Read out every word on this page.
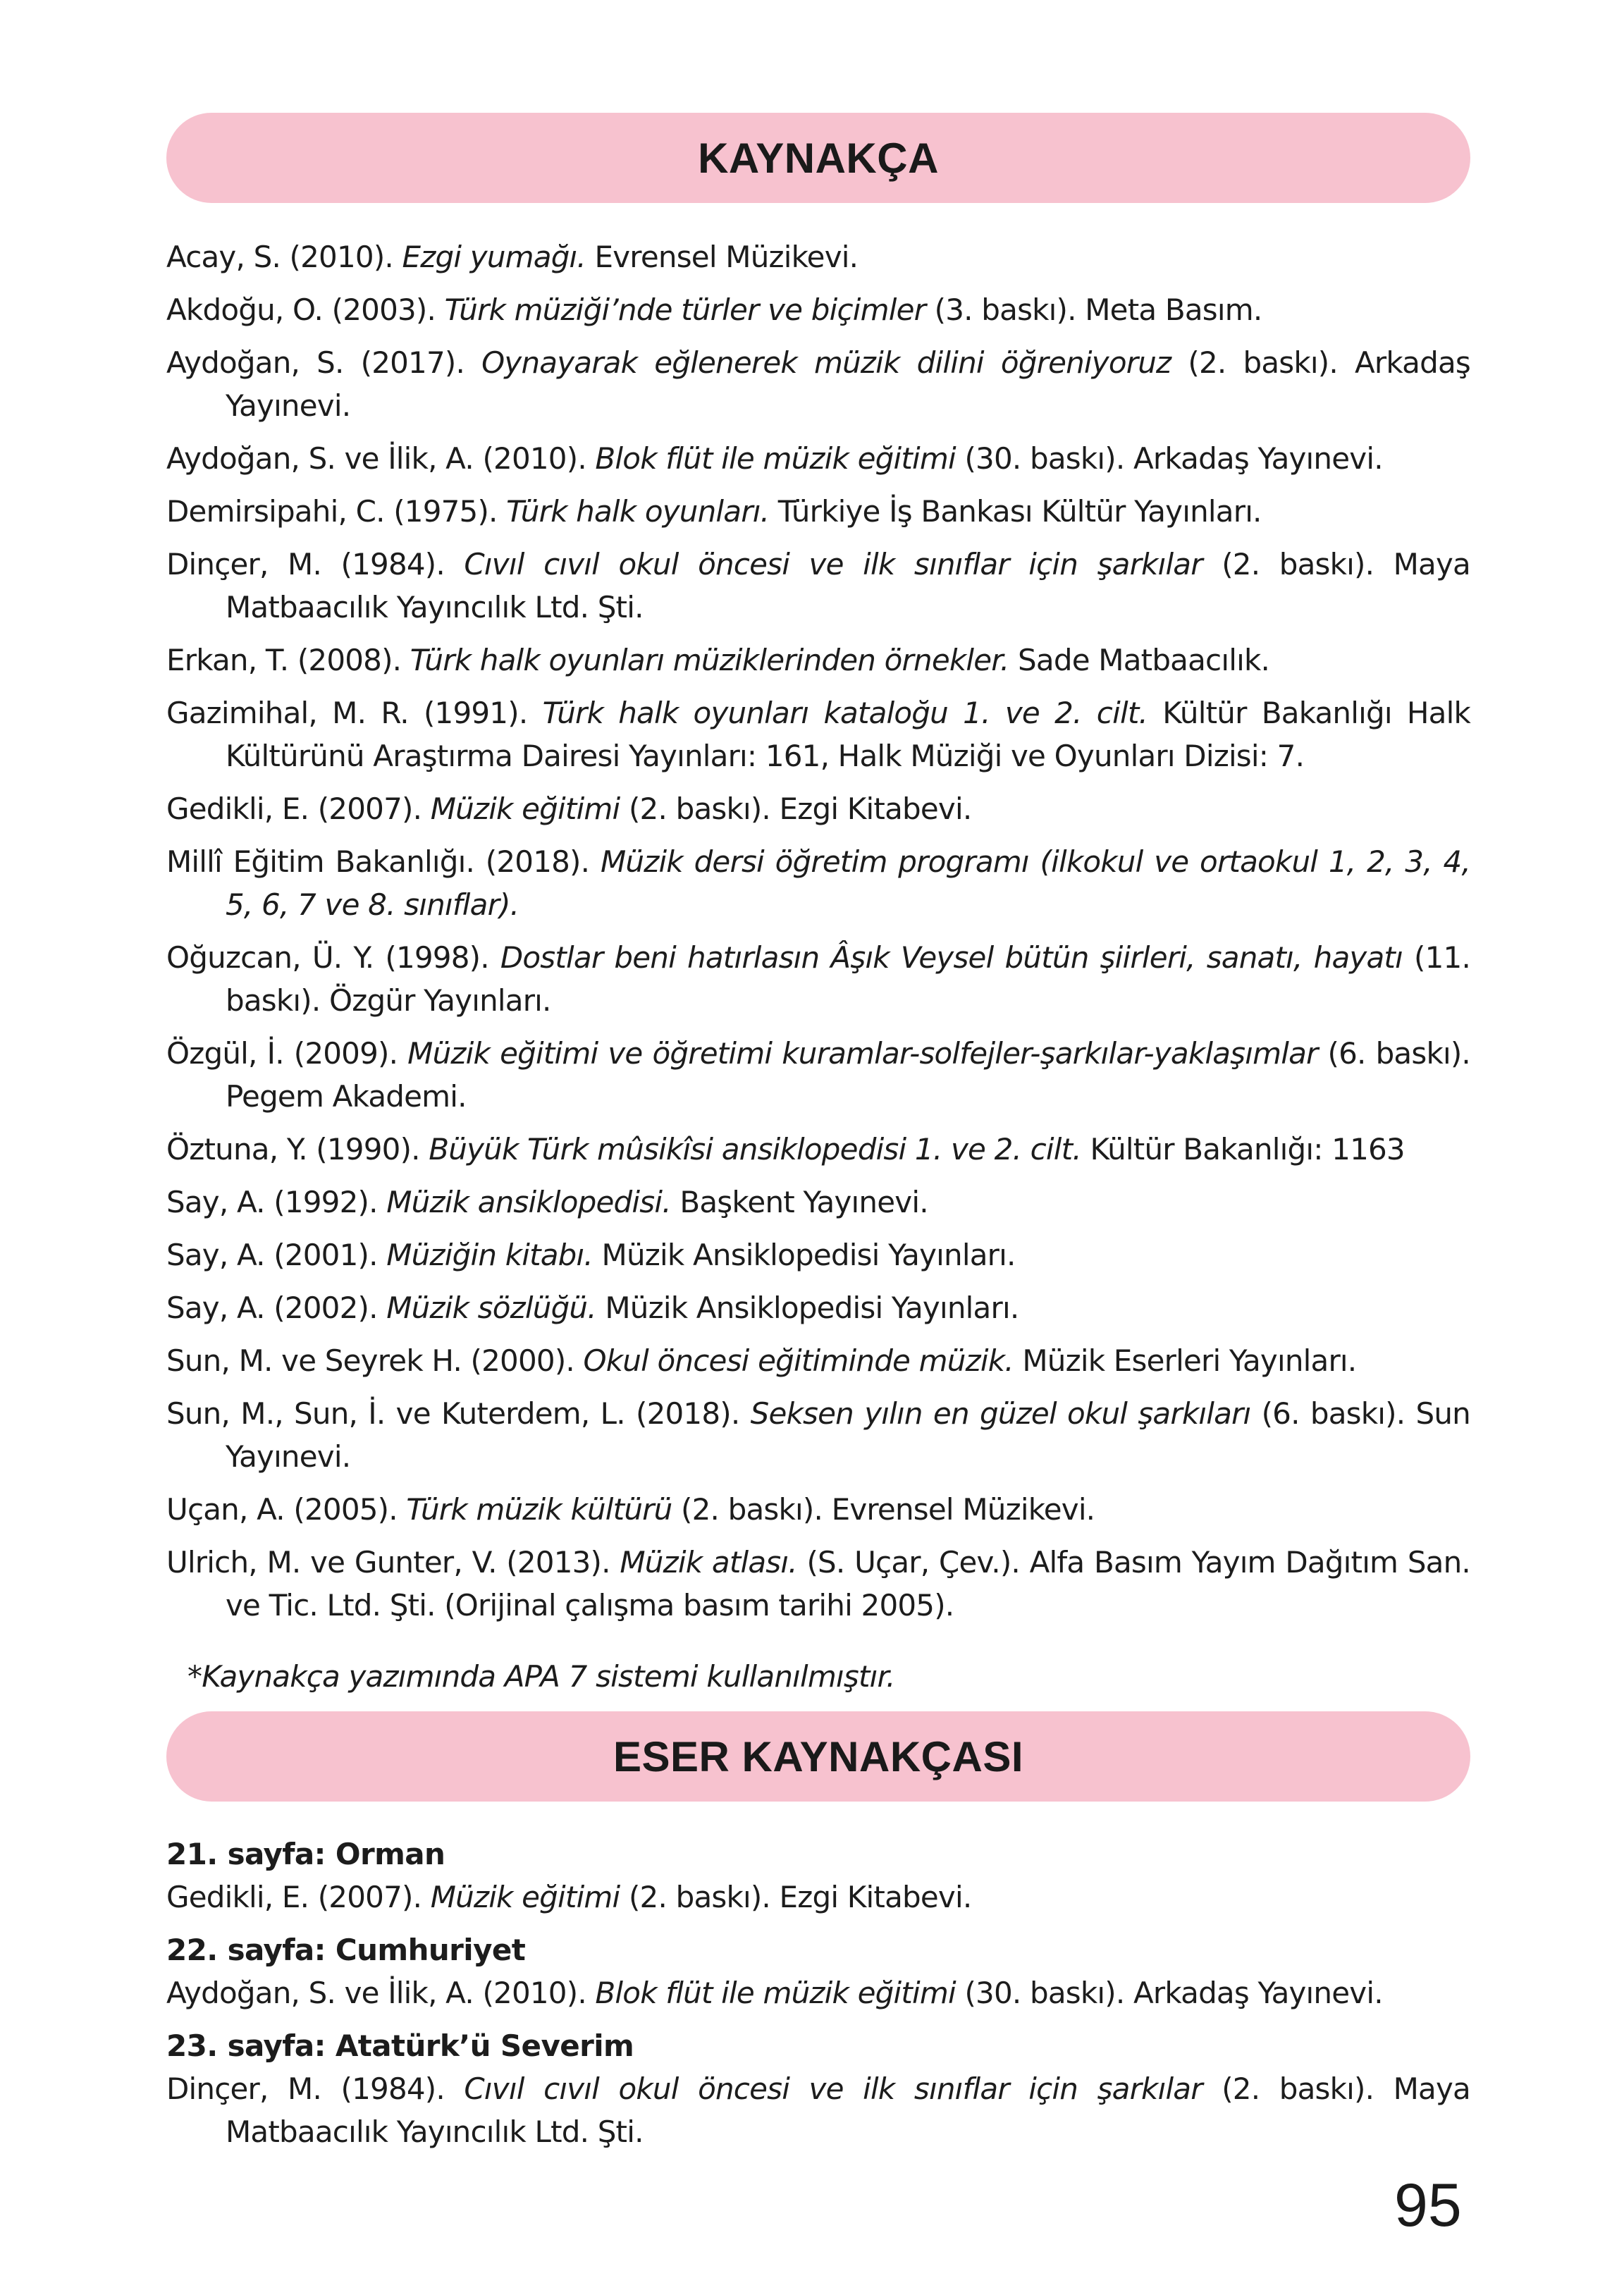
KAYNAKÇA

Acay, S. (2010). Ezgi yumağı. Evrensel Müzikevi.

Akdoğu, O. (2003). Türk müziği’nde türler ve biçimler (3. baskı). Meta Basım.

Aydoğan, S. (2017). Oynayarak eğlenerek müzik dilini öğreniyoruz (2. baskı). Arkadaş Yayınevi.

Aydoğan, S. ve İlik, A. (2010). Blok flüt ile müzik eğitimi (30. baskı). Arkadaş Yayınevi.

Demirsipahi, C. (1975). Türk halk oyunları. Türkiye İş Bankası Kültür Yayınları.

Dinçer, M. (1984). Cıvıl cıvıl okul öncesi ve ilk sınıflar için şarkılar (2. baskı). Maya Matbaacılık Yayıncılık Ltd. Şti.

Erkan, T. (2008). Türk halk oyunları müziklerinden örnekler. Sade Matbaacılık.

Gazimihal, M. R. (1991). Türk halk oyunları kataloğu 1. ve 2. cilt. Kültür Bakanlığı Halk Kültürünü Araştırma Dairesi Yayınları: 161, Halk Müziği ve Oyunları Dizisi: 7.

Gedikli, E. (2007). Müzik eğitimi (2. baskı). Ezgi Kitabevi.

Millî Eğitim Bakanlığı. (2018). Müzik dersi öğretim programı (ilkokul ve ortaokul 1, 2, 3, 4, 5, 6, 7 ve 8. sınıflar).

Oğuzcan, Ü. Y. (1998). Dostlar beni hatırlasın Âşık Veysel bütün şiirleri, sanatı, hayatı (11. baskı). Özgür Yayınları.

Özgül, İ. (2009). Müzik eğitimi ve öğretimi kuramlar-solfejler-şarkılar-yaklaşımlar (6. baskı). Pegem Akademi.

Öztuna, Y. (1990). Büyük Türk mûsikîsi ansiklopedisi 1. ve 2. cilt. Kültür Bakanlığı: 1163

Say, A. (1992). Müzik ansiklopedisi. Başkent Yayınevi.

Say, A. (2001). Müziğin kitabı. Müzik Ansiklopedisi Yayınları.

Say, A. (2002). Müzik sözlüğü. Müzik Ansiklopedisi Yayınları.

Sun, M. ve Seyrek H. (2000). Okul öncesi eğitiminde müzik. Müzik Eserleri Yayınları.

Sun, M., Sun, İ. ve Kuterdem, L. (2018). Seksen yılın en güzel okul şarkıları (6. baskı). Sun Yayınevi.

Uçan, A. (2005). Türk müzik kültürü (2. baskı). Evrensel Müzikevi.

Ulrich, M. ve Gunter, V. (2013). Müzik atlası. (S. Uçar, Çev.). Alfa Basım Yayım Dağıtım San. ve Tic. Ltd. Şti. (Orijinal çalışma basım tarihi 2005).

*Kaynakça yazımında APA 7 sistemi kullanılmıştır.

ESER KAYNAKÇASI

21. sayfa: Orman

Gedikli, E. (2007). Müzik eğitimi (2. baskı). Ezgi Kitabevi.

22. sayfa: Cumhuriyet

Aydoğan, S. ve İlik, A. (2010). Blok flüt ile müzik eğitimi (30. baskı). Arkadaş Yayınevi.

23. sayfa: Atatürk’ü Severim

Dinçer, M. (1984). Cıvıl cıvıl okul öncesi ve ilk sınıflar için şarkılar (2. baskı). Maya Matbaacılık Yayıncılık Ltd. Şti.

95
